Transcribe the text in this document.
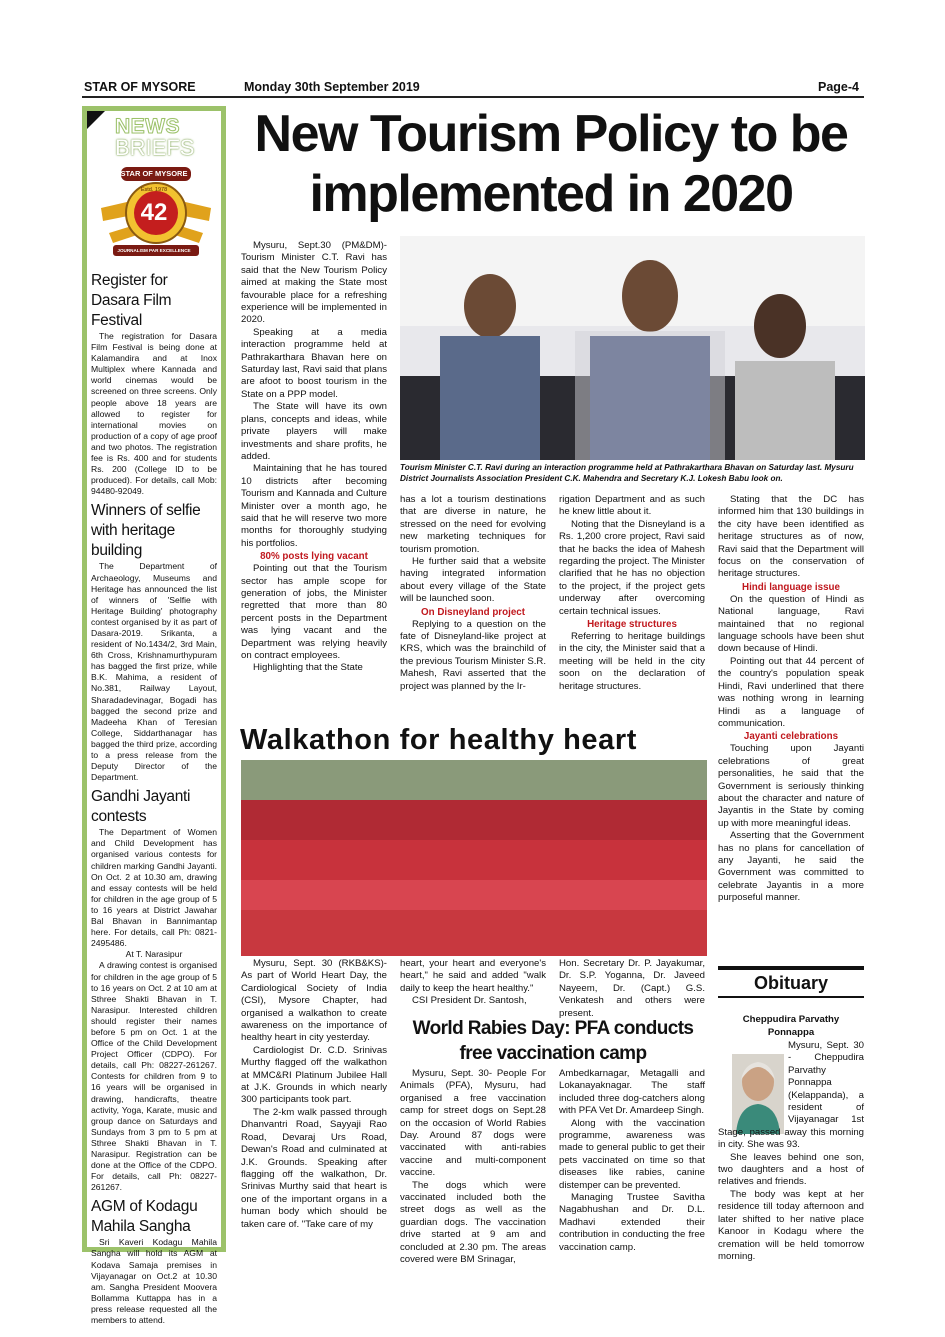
STAR OF MYSORE	Monday 30th September 2019	Page-4
NEWS
BRIEFS
STAR OF MYSORE
Estd. 1978
42
JOURNALISM PAR EXCELLENCE
Register for Dasara Film Festival

The registration for Dasara Film Festival is being done at Kalamandira and at Inox Multiplex where Kannada and world cinemas would be screened on three screens. Only people above 18 years are allowed to register for international movies on production of a copy of age proof and two photos. The registration fee is Rs. 400 and for students Rs. 200 (College ID to be produced). For details, call Mob: 94480-92049.

Winners of selfie with heritage building

The Department of Archaeology, Museums and Heritage has announced the list of winners of 'Selfie with Heritage Building' photography contest organised by it as part of Dasara-2019. Srikanta, a resident of No.1434/2, 3rd Main, 6th Cross, Krishnamurthypuram has bagged the first prize, while B.K. Mahima, a resident of No.381, Railway Layout, Sharadadevinagar, Bogadi has bagged the second prize and Madeeha Khan of Teresian College, Siddarthanagar has bagged the third prize, according to a press release from the Deputy Director of the Department.

Gandhi Jayanti contests

The Department of Women and Child Development has organised various contests for children marking Gandhi Jayanti. On Oct. 2 at 10.30 am, drawing and essay contests will be held for children in the age group of 5 to 16 years at District Jawahar Bal Bhavan in Bannimantap here. For details, call Ph: 0821-2495486.

At T. Narasipur

A drawing contest is organised for children in the age group of 5 to 16 years on Oct. 2 at 10 am at Sthree Shakti Bhavan in T. Narasipur. Interested children should register their names before 5 pm on Oct. 1 at the Office of the Child Development Project Officer (CDPO). For details, call Ph: 08227-261267. Contests for children from 9 to 16 years will be organised in drawing, handicrafts, theatre activity, Yoga, Karate, music and group dance on Saturdays and Sundays from 3 pm to 5 pm at Sthree Shakti Bhavan in T. Narasipur. Registration can be done at the Office of the CDPO. For details, call Ph: 08227-261267.

AGM of Kodagu Mahila Sangha

Sri Kaveri Kodagu Mahila Sangha will hold its AGM at Kodava Samaja premises in Vijayanagar on Oct.2 at 10.30 am. Sangha President Moovera Bollamma Kuttappa has in a press release requested all the members to attend.

New Tourism Policy to be
implemented in 2020
Tourism Minister C.T. Ravi during an interaction programme held at Pathrakarthara Bhavan on Saturday last. Mysuru District Journalists Association President C.K. Mahendra and Secretary K.J. Lokesh Babu look on.

Mysuru, Sept.30 (PM&DM)- Tourism Minister C.T. Ravi has said that the New Tourism Policy aimed at making the State most favourable place for a refreshing experience will be implemented in 2020.

Speaking at a media interaction programme held at Pathrakarthara Bhavan here on Saturday last, Ravi said that plans are afoot to boost tourism in the State on a PPP model.

The State will have its own plans, concepts and ideas, while private players will make investments and share profits, he added.

Maintaining that he has toured 10 districts after becoming Tourism and Kannada and Culture Minister over a month ago, he said that he will reserve two more months for thoroughly studying his portfolios.

80% posts lying vacant

Pointing out that the Tourism sector has ample scope for generation of jobs, the Minister regretted that more than 80 percent posts in the Department was lying vacant and the Department was relying heavily on contract employees.

Highlighting that the State

has a lot a tourism destinations that are diverse in nature, he stressed on the need for evolving new marketing techniques for tourism promotion.

He further said that a website having integrated information about every village of the State will be launched soon.

On Disneyland project

Replying to a question on the fate of Disneyland-like project at KRS, which was the brainchild of the previous Tourism Minister S.R. Mahesh, Ravi asserted that the project was planned by the Ir-

rigation Department and as such he knew little about it.

Noting that the Disneyland is a Rs. 1,200 crore project, Ravi said that he backs the idea of Mahesh regarding the project. The Minister clarified that he has no objection to the project, if the project gets underway after overcoming certain technical issues.

Heritage structures

Referring to heritage buildings in the city, the Minister said that a meeting will be held in the city soon on the declaration of heritage structures.

Stating that the DC has informed him that 130 buildings in the city have been identified as heritage structures as of now, Ravi said that the Department will focus on the conservation of heritage structures.

Hindi language issue

On the question of Hindi as National language, Ravi maintained that no regional language schools have been shut down because of Hindi.

Pointing out that 44 percent of the country's population speak Hindi, Ravi underlined that there was nothing wrong in learning Hindi as a language of communication.

Jayanti celebrations

Touching upon Jayanti celebrations of great personalities, he said that the Government is seriously thinking about the character and nature of Jayantis in the State by coming up with more meaningful ideas.

Asserting that the Government has no plans for cancellation of any Jayanti, he said the Government was committed to celebrate Jayantis in a more purposeful manner.

Walkathon for healthy heart

Mysuru, Sept. 30 (RKB&KS)- As part of World Heart Day, the Cardiological Society of India (CSI), Mysore Chapter, had organised a walkathon to create awareness on the importance of healthy heart in city yesterday.

Cardiologist Dr. C.D. Srinivas Murthy flagged off the walkathon at MMC&RI Platinum Jubilee Hall at J.K. Grounds in which nearly 300 participants took part.

The 2-km walk passed through Dhanvantri Road, Sayyaji Rao Road, Devaraj Urs Road, Dewan's Road and culminated at J.K. Grounds. Speaking after flagging off the walkathon, Dr. Srinivas Murthy said that heart is one of the important organs in a human body which should be taken care of. "Take care of my

heart, your heart and everyone's heart," he said and added "walk daily to keep the heart healthy."

CSI President Dr. Santosh,

Hon. Secretary Dr. P. Jayakumar, Dr. S.P. Yoganna, Dr. Javeed Nayeem, Dr. (Capt.) G.S. Venkatesh and others were present.

World Rabies Day: PFA conducts
free vaccination camp

Mysuru, Sept. 30- People For Animals (PFA), Mysuru, had organised a free vaccination camp for street dogs on Sept.28 on the occasion of World Rabies Day. Around 87 dogs were vaccinated with anti-rabies vaccine and multi-component vaccine.

The dogs which were vaccinated included both the street dogs as well as the guardian dogs. The vaccination drive started at 9 am and concluded at 2.30 pm. The areas covered were BM Srinagar,

Ambedkarnagar, Metagalli and Lokanayaknagar. The staff included three dog-catchers along with PFA Vet Dr. Amardeep Singh.

Along with the vaccination programme, awareness was made to general public to get their pets vaccinated on time so that diseases like rabies, canine distemper can be prevented.

Managing Trustee Savitha Nagabhushan and Dr. D.L. Madhavi extended their contribution in conducting the free vaccination camp.

Obituary
Cheppudira Parvathy
Ponnappa

Mysuru, Sept. 30 - Cheppudira Parvathy Ponnappa (Kelappanda), a resident of Vijayanagar 1st Stage, passed away this morning in city. She was 93.

She leaves behind one son, two daughters and a host of relatives and friends.

The body was kept at her residence till today afternoon and later shifted to her native place Kanoor in Kodagu where the cremation will be held tomorrow morning.
